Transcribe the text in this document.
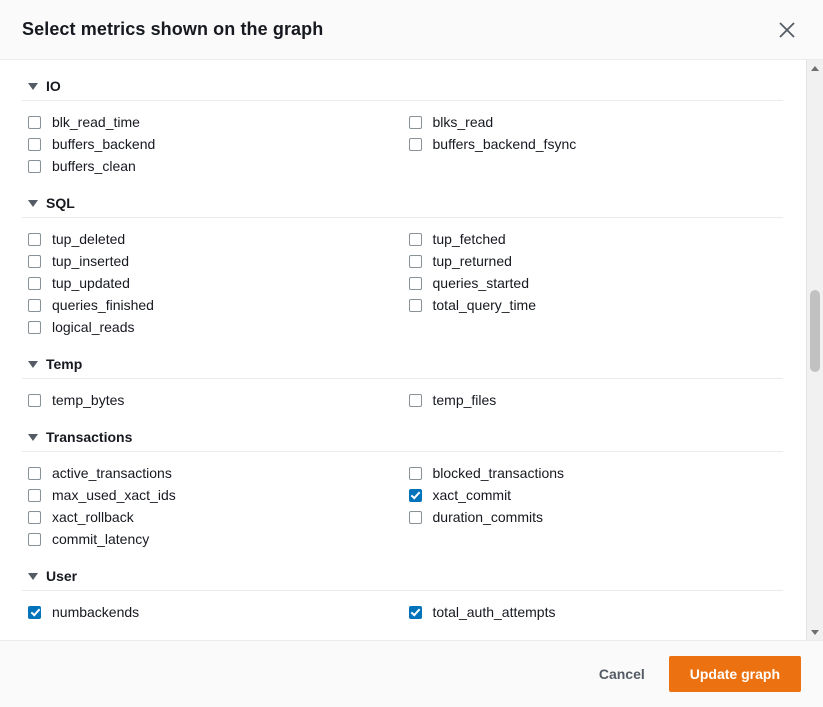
Select metrics shown on the graph
IO
blk_read_time	blks_read
buffers_backend	buffers_backend_fsync
buffers_clean
SQL
tup_deleted	tup_fetched
tup_inserted	tup_returned
tup_updated	queries_started
queries_finished	total_query_time
logical_reads
Temp
temp_bytes	temp_files
Transactions
active_transactions	blocked_transactions
max_used_xact_ids	xact_commit
xact_rollback	duration_commits
commit_latency
User
numbackends	total_auth_attempts
Cancel	Update graph
